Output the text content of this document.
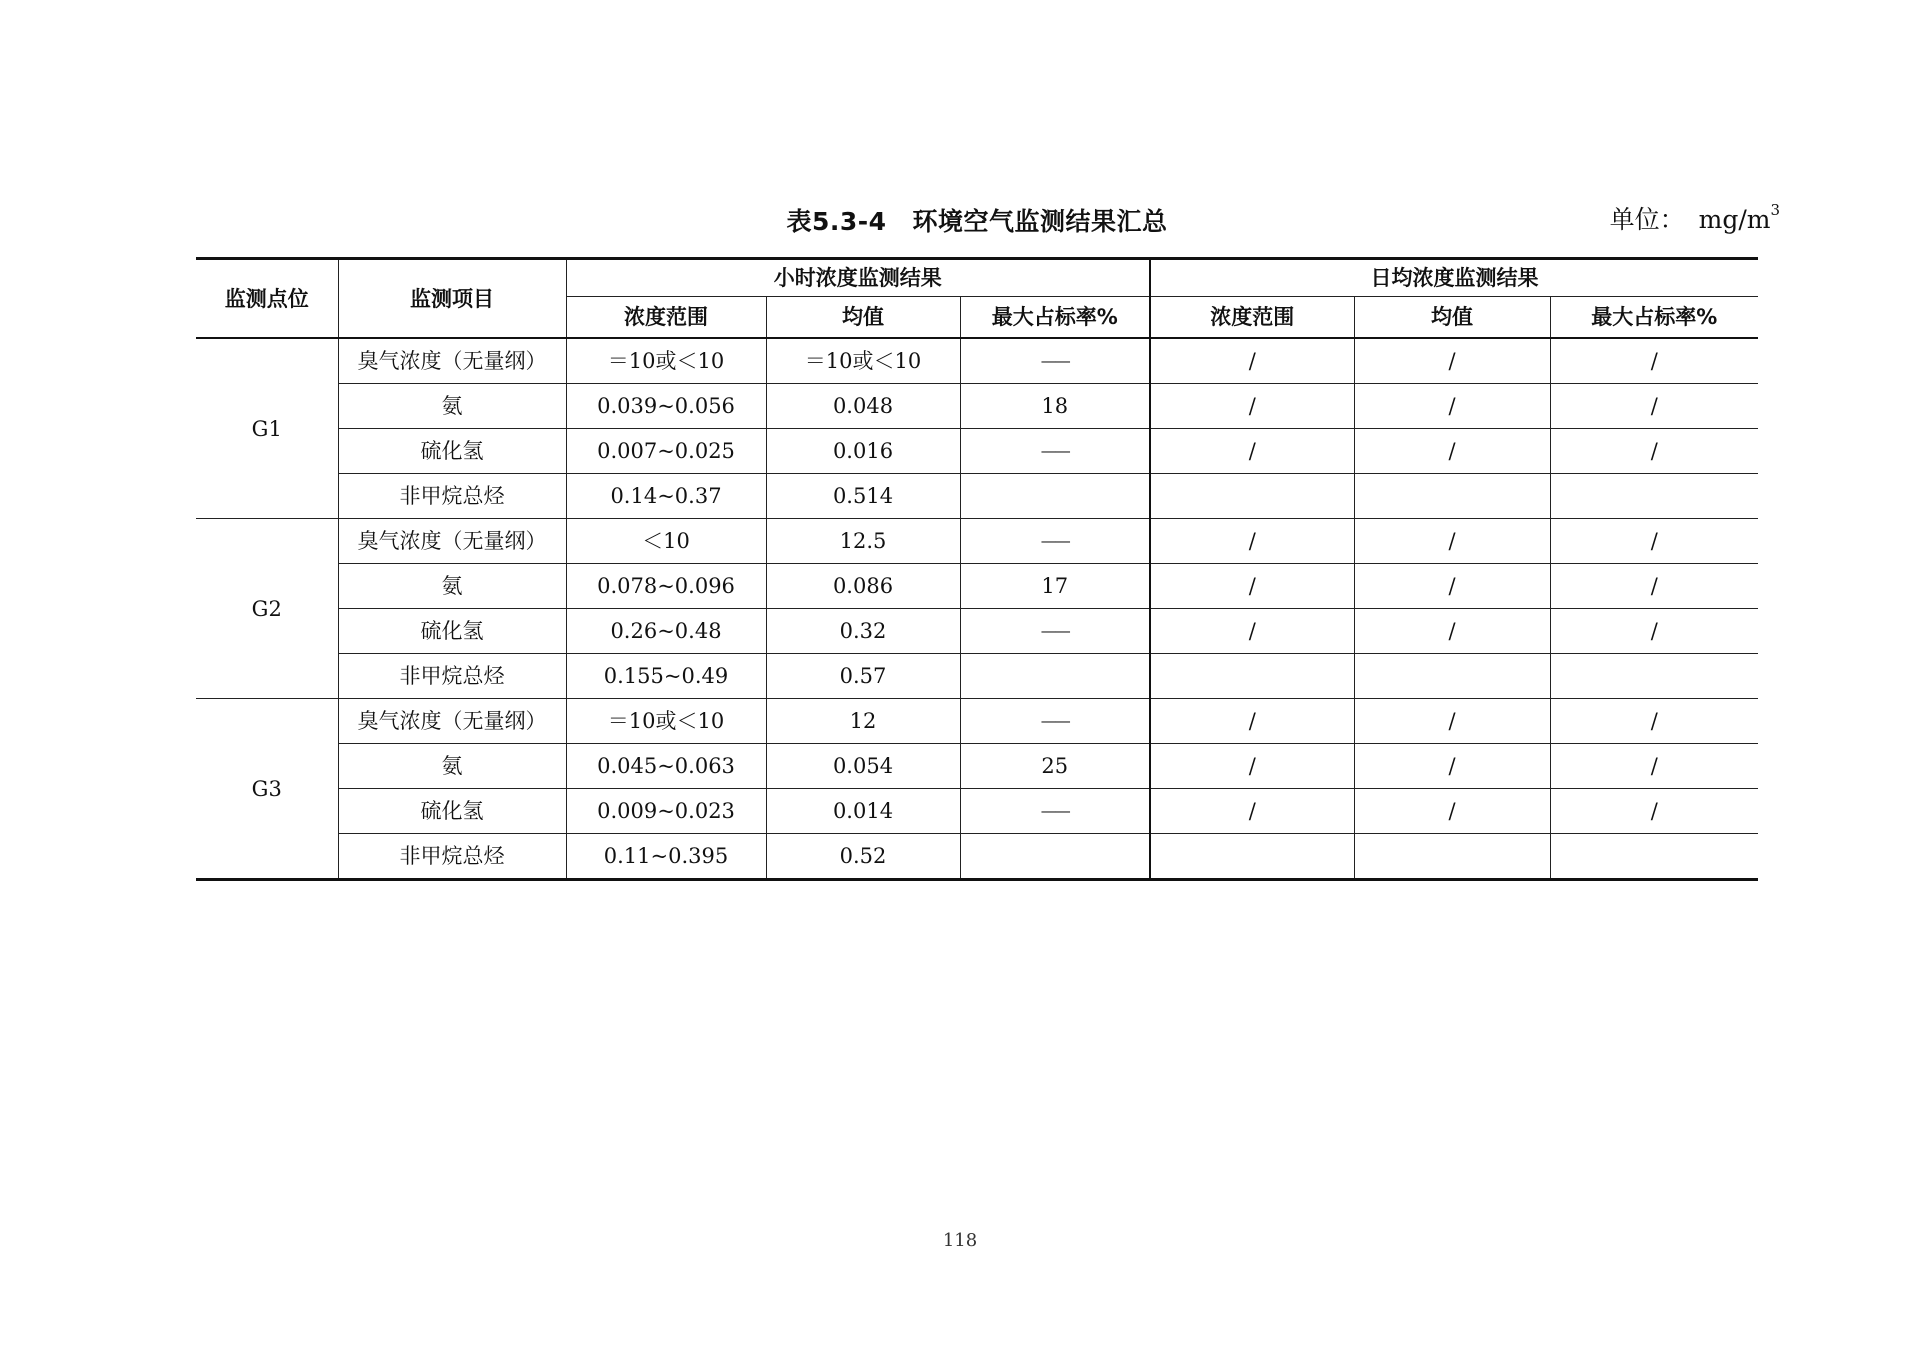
表5.3-4 环境空气监测结果汇总	单位： $mg/m^3$
监测点位	监测项目	小时浓度监测结果			日均浓度监测结果		
		浓度范围	均值	最大占标率%	浓度范围	均值	最大占标率%
G1	臭气浓度（无量纲）	＝10或＜10	＝10或＜10	——	/	/	/
	氨	0.039~0.056	0.048	18	/	/	/
	硫化氢	0.007~0.025	0.016	——	/	/	/
	非甲烷总烃	0.14~0.37	0.514				
G2	臭气浓度（无量纲）	＜10	12.5	——	/	/	/
	氨	0.078~0.096	0.086	17	/	/	/
	硫化氢	0.26~0.48	0.32	——	/	/	/
	非甲烷总烃	0.155~0.49	0.57				
G3	臭气浓度（无量纲）	＝10或＜10	12	——	/	/	/
	氨	0.045~0.063	0.054	25	/	/	/
	硫化氢	0.009~0.023	0.014	——	/	/	/
	非甲烷总烃	0.11~0.395	0.52				
118
